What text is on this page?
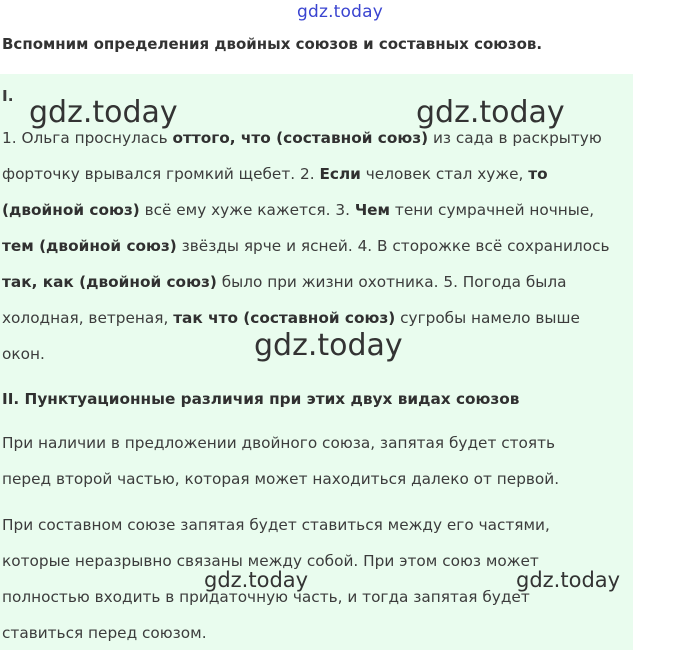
gdz.today
Вспомним определения двойных союзов и составных союзов.
I.
1. Ольга проснулась оттого, что (составной союз) из сада в раскрытую
форточку врывался громкий щебет. 2. Если человек стал хуже, то
(двойной союз) всё ему хуже кажется. 3. Чем тени сумрачней ночные,
тем (двойной союз) звёзды ярче и ясней. 4. В сторожке всё сохранилось
так, как (двойной союз) было при жизни охотника. 5. Погода была
холодная, ветреная, так что (составной союз) сугробы намело выше
окон.
II. Пунктуационные различия при этих двух видах союзов
При наличии в предложении двойного союза, запятая будет стоять
перед второй частью, которая может находиться далеко от первой.
При составном союзе запятая будет ставиться между его частями,
которые неразрывно связаны между собой. При этом союз может
полностью входить в придаточную часть, и тогда запятая будет
ставиться перед союзом.
gdz.today	gdz.today
gdz.today
gdz.today	gdz.today
